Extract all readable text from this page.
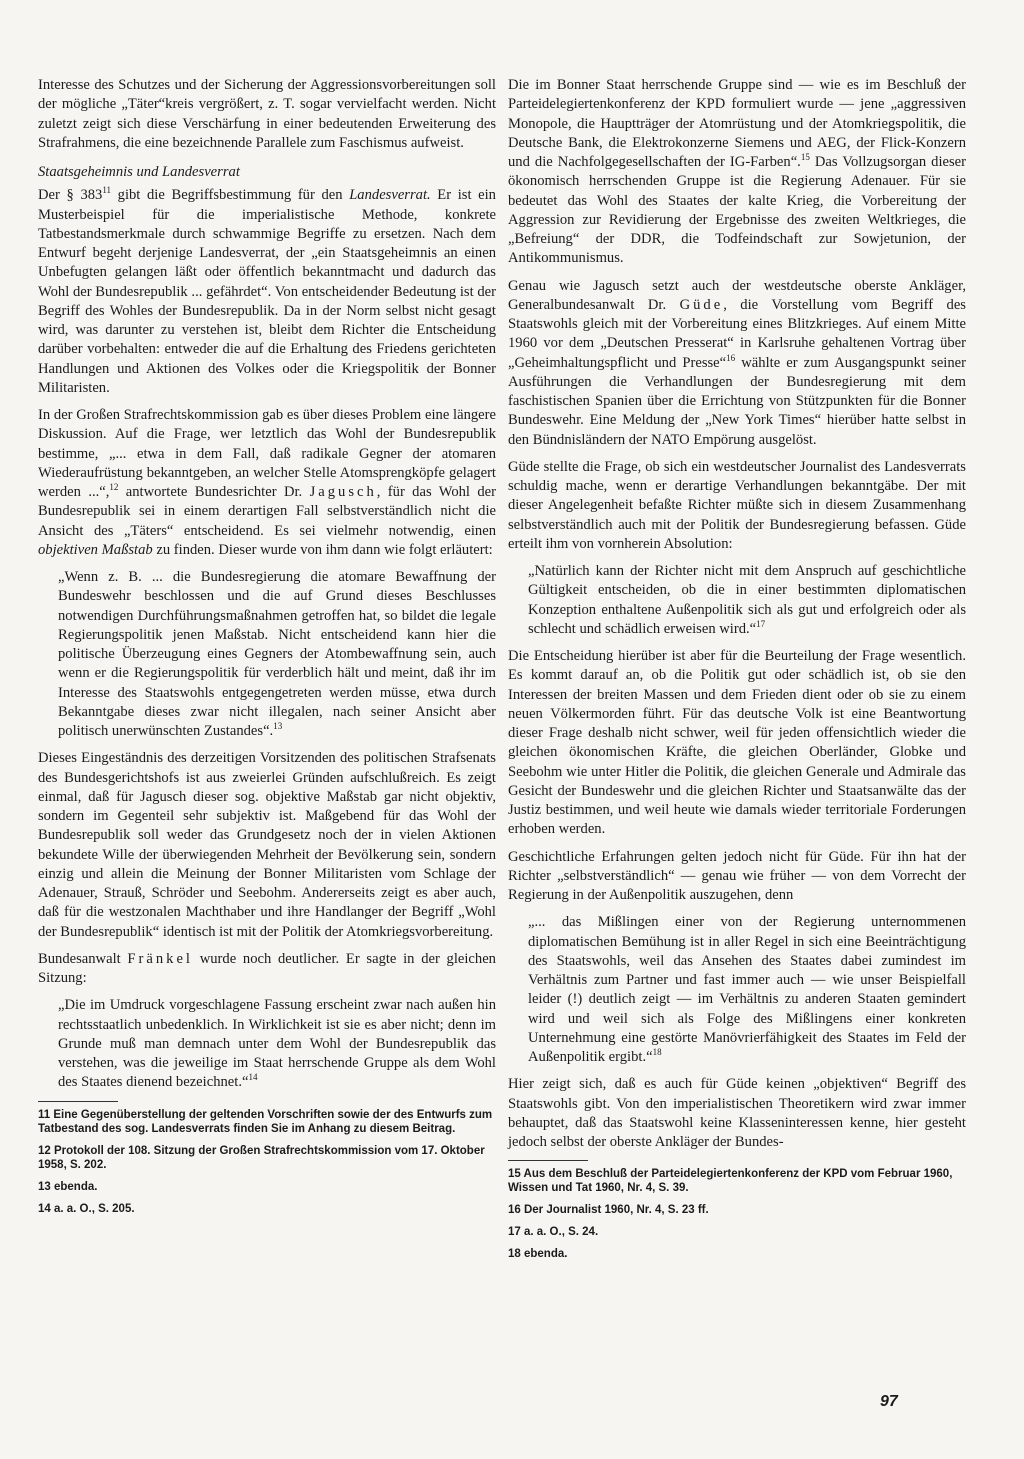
Interesse des Schutzes und der Sicherung der Aggressionsvorbereitungen soll der mögliche „Täter“kreis vergrößert, z. T. sogar vervielfacht werden. Nicht zuletzt zeigt sich diese Verschärfung in einer bedeutenden Erweiterung des Strafrahmens, die eine bezeichnende Parallele zum Faschismus aufweist.

Staatsgeheimnis und Landesverrat

Der § $383^{11}$ gibt die Begriffsbestimmung für den Landesverrat. Er ist ein Musterbeispiel für die imperialistische Methode, konkrete Tatbestandsmerkmale durch schwammige Begriffe zu ersetzen. Nach dem Entwurf begeht derjenige Landesverrat, der „ein Staatsgeheimnis an einen Unbefugten gelangen läßt oder öffentlich bekanntmacht und dadurch das Wohl der Bundesrepublik ... gefährdet“. Von entscheidender Bedeutung ist der Begriff des Wohles der Bundesrepublik. Da in der Norm selbst nicht gesagt wird, was darunter zu verstehen ist, bleibt dem Richter die Entscheidung darüber vorbehalten: entweder die auf die Erhaltung des Friedens gerichteten Handlungen und Aktionen des Volkes oder die Kriegspolitik der Bonner Militaristen.

In der Großen Strafrechtskommission gab es über dieses Problem eine längere Diskussion. Auf die Frage, wer letztlich das Wohl der Bundesrepublik bestimme, „... etwa in dem Fall, daß radikale Gegner der atomaren Wiederaufrüstung bekanntgeben, an welcher Stelle Atomsprengköpfe gelagert werden ...“,$^{12}$ antwortete Bundesrichter Dr. Jagusch, für das Wohl der Bundesrepublik sei in einem derartigen Fall selbstverständlich nicht die Ansicht des „Täters“ entscheidend. Es sei vielmehr notwendig, einen objektiven Maßstab zu finden. Dieser wurde von ihm dann wie folgt erläutert:

„Wenn z. B. ... die Bundesregierung die atomare Bewaffnung der Bundeswehr beschlossen und die auf Grund dieses Beschlusses notwendigen Durchführungsmaßnahmen getroffen hat, so bildet die legale Regierungspolitik jenen Maßstab. Nicht entscheidend kann hier die politische Überzeugung eines Gegners der Atombewaffnung sein, auch wenn er die Regierungspolitik für verderblich hält und meint, daß ihr im Interesse des Staatswohls entgegengetreten werden müsse, etwa durch Bekanntgabe dieses zwar nicht illegalen, nach seiner Ansicht aber politisch unerwünschten Zustandes“.$^{13}$

Dieses Eingeständnis des derzeitigen Vorsitzenden des politischen Strafsenats des Bundesgerichtshofs ist aus zweierlei Gründen aufschlußreich. Es zeigt einmal, daß für Jagusch dieser sog. objektive Maßstab gar nicht objektiv, sondern im Gegenteil sehr subjektiv ist. Maßgebend für das Wohl der Bundesrepublik soll weder das Grundgesetz noch der in vielen Aktionen bekundete Wille der überwiegenden Mehrheit der Bevölkerung sein, sondern einzig und allein die Meinung der Bonner Militaristen vom Schlage der Adenauer, Strauß, Schröder und Seebohm. Andererseits zeigt es aber auch, daß für die westzonalen Machthaber und ihre Handlanger der Begriff „Wohl der Bundesrepublik“ identisch ist mit der Politik der Atomkriegsvorbereitung.

Bundesanwalt Fränkel wurde noch deutlicher. Er sagte in der gleichen Sitzung:

„Die im Umdruck vorgeschlagene Fassung erscheint zwar nach außen hin rechtsstaatlich unbedenklich. In Wirklichkeit ist sie es aber nicht; denn im Grunde muß man demnach unter dem Wohl der Bundesrepublik das verstehen, was die jeweilige im Staat herrschende Gruppe als dem Wohl des Staates dienend bezeichnet.“$^{14}$

11 Eine Gegenüberstellung der geltenden Vorschriften sowie der des Entwurfs zum Tatbestand des sog. Landesverrats finden Sie im Anhang zu diesem Beitrag.

12 Protokoll der 108. Sitzung der Großen Strafrechtskommission vom 17. Oktober 1958, S. 202.

13 ebenda.

14 a. a. O., S. 205.

Die im Bonner Staat herrschende Gruppe sind — wie es im Beschluß der Parteidelegiertenkonferenz der KPD formuliert wurde — jene „aggressiven Monopole, die Hauptträger der Atomrüstung und der Atomkriegspolitik, die Deutsche Bank, die Elektrokonzerne Siemens und AEG, der Flick-Konzern und die Nachfolgegesellschaften der IG-Farben“.$^{15}$ Das Vollzugsorgan dieser ökonomisch herrschenden Gruppe ist die Regierung Adenauer. Für sie bedeutet das Wohl des Staates der kalte Krieg, die Vorbereitung der Aggression zur Revidierung der Ergebnisse des zweiten Weltkrieges, die „Befreiung“ der DDR, die Todfeindschaft zur Sowjetunion, der Antikommunismus.

Genau wie Jagusch setzt auch der westdeutsche oberste Ankläger, Generalbundesanwalt Dr. Güde, die Vorstellung vom Begriff des Staatswohls gleich mit der Vorbereitung eines Blitzkrieges. Auf einem Mitte 1960 vor dem „Deutschen Presserat“ in Karlsruhe gehaltenen Vortrag über „Geheimhaltungspflicht und Presse“$^{16}$ wählte er zum Ausgangspunkt seiner Ausführungen die Verhandlungen der Bundesregierung mit dem faschistischen Spanien über die Errichtung von Stützpunkten für die Bonner Bundeswehr. Eine Meldung der „New York Times“ hierüber hatte selbst in den Bündnisländern der NATO Empörung ausgelöst.

Güde stellte die Frage, ob sich ein westdeutscher Journalist des Landesverrats schuldig mache, wenn er derartige Verhandlungen bekanntgäbe. Der mit dieser Angelegenheit befaßte Richter müßte sich in diesem Zusammenhang selbstverständlich auch mit der Politik der Bundesregierung befassen. Güde erteilt ihm von vornherein Absolution:

„Natürlich kann der Richter nicht mit dem Anspruch auf geschichtliche Gültigkeit entscheiden, ob die in einer bestimmten diplomatischen Konzeption enthaltene Außenpolitik sich als gut und erfolgreich oder als schlecht und schädlich erweisen wird.“$^{17}$

Die Entscheidung hierüber ist aber für die Beurteilung der Frage wesentlich. Es kommt darauf an, ob die Politik gut oder schädlich ist, ob sie den Interessen der breiten Massen und dem Frieden dient oder ob sie zu einem neuen Völkermorden führt. Für das deutsche Volk ist eine Beantwortung dieser Frage deshalb nicht schwer, weil für jeden offensichtlich wieder die gleichen ökonomischen Kräfte, die gleichen Oberländer, Globke und Seebohm wie unter Hitler die Politik, die gleichen Generale und Admirale das Gesicht der Bundeswehr und die gleichen Richter und Staatsanwälte das der Justiz bestimmen, und weil heute wie damals wieder territoriale Forderungen erhoben werden.

Geschichtliche Erfahrungen gelten jedoch nicht für Güde. Für ihn hat der Richter „selbstverständlich“ — genau wie früher — von dem Vorrecht der Regierung in der Außenpolitik auszugehen, denn

„... das Mißlingen einer von der Regierung unternommenen diplomatischen Bemühung ist in aller Regel in sich eine Beeinträchtigung des Staatswohls, weil das Ansehen des Staates dabei zumindest im Verhältnis zum Partner und fast immer auch — wie unser Beispielfall leider (!) deutlich zeigt — im Verhältnis zu anderen Staaten gemindert wird und weil sich als Folge des Mißlingens einer konkreten Unternehmung eine gestörte Manövrierfähigkeit des Staates im Feld der Außenpolitik ergibt.“$^{18}$

Hier zeigt sich, daß es auch für Güde keinen „objektiven“ Begriff des Staatswohls gibt. Von den imperialistischen Theoretikern wird zwar immer behauptet, daß das Staatswohl keine Klasseninteressen kenne, hier gesteht jedoch selbst der oberste Ankläger der Bundes-

15 Aus dem Beschluß der Parteidelegiertenkonferenz der KPD vom Februar 1960, Wissen und Tat 1960, Nr. 4, S. 39.

16 Der Journalist 1960, Nr. 4, S. 23 ff.

17 a. a. O., S. 24.

18 ebenda.

97
